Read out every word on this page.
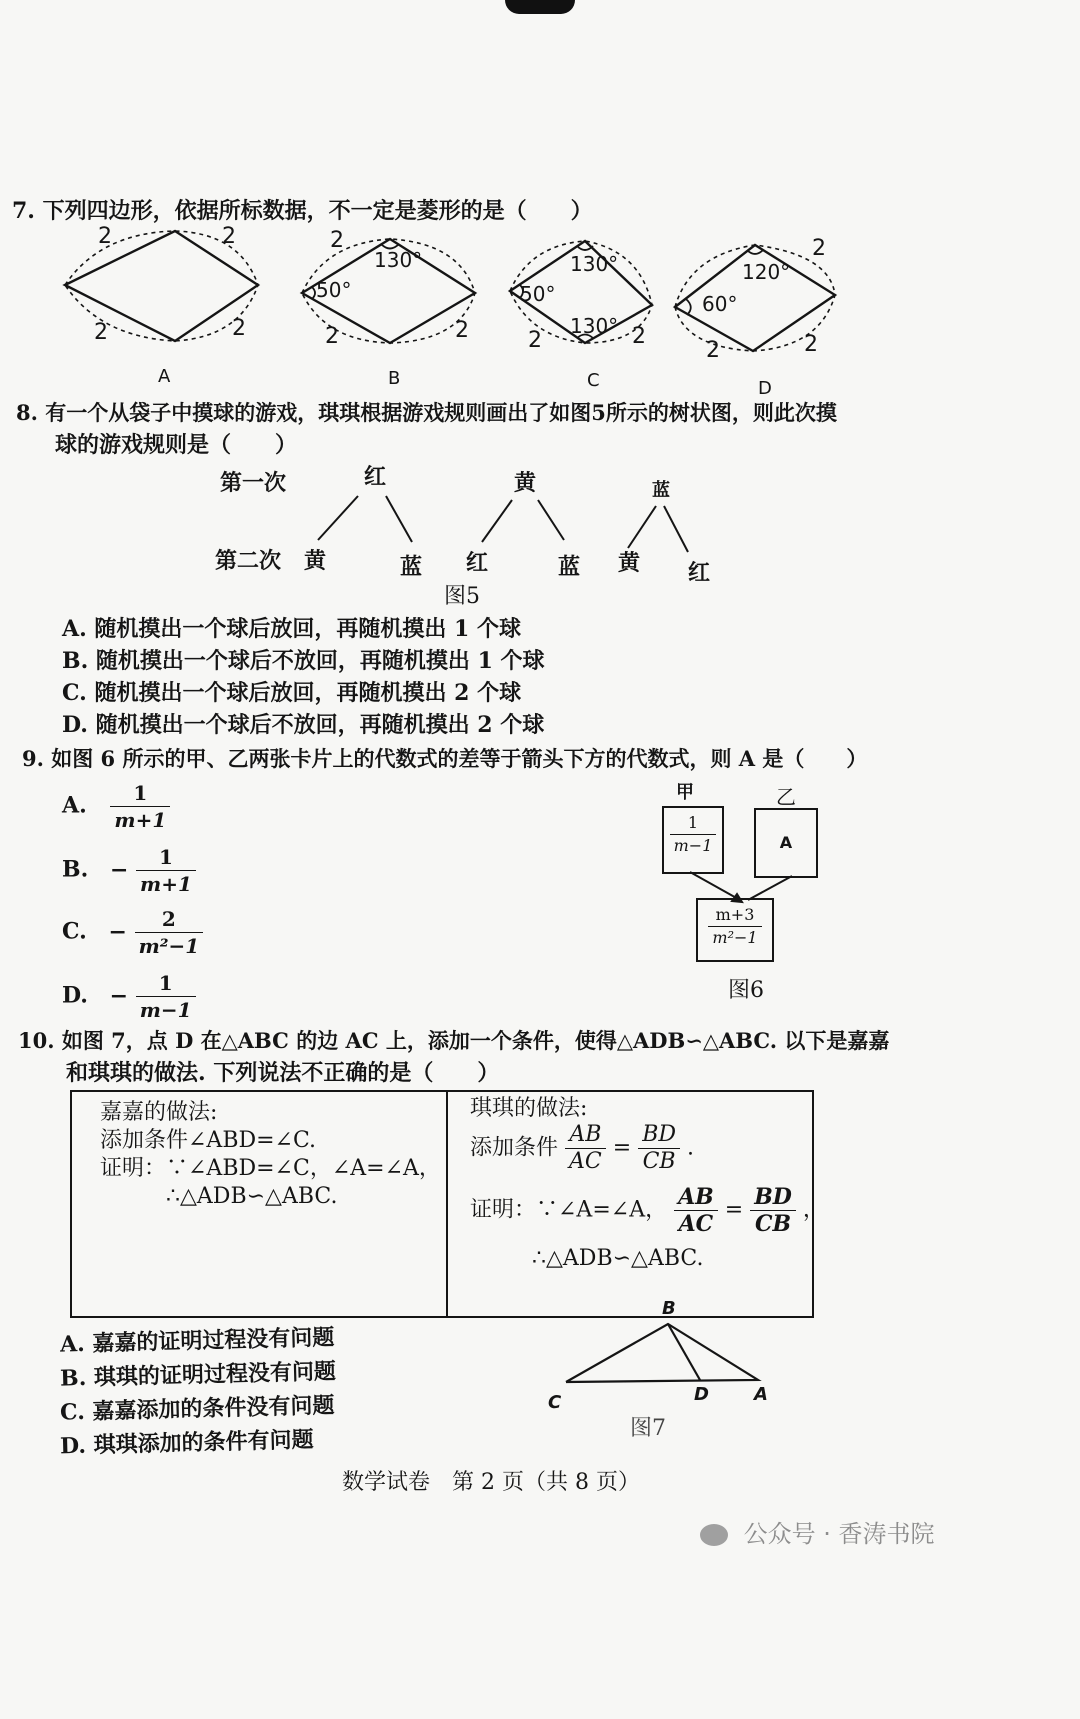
7. 下列四边形，依据所标数据，不一定是菱形的是（　　）
2	2
2	2
A
2
2	2
130°
50°
B
130°
50°
130°
2	2
C
2
2	2
120°
60°
D
8. 有一个从袋子中摸球的游戏，琪琪根据游戏规则画出了如图5所示的树状图，则此次摸
球的游戏规则是（　　）
第一次
第二次
红	黄	蓝
黄	蓝 红	蓝 黄 红
图5
A. 随机摸出一个球后放回，再随机摸出 1 个球
B. 随机摸出一个球后不放回，再随机摸出 1 个球
C. 随机摸出一个球后放回，再随机摸出 2 个球
D. 随机摸出一个球后不放回，再随机摸出 2 个球
9. 如图 6 所示的甲、乙两张卡片上的代数式的差等于箭头下方的代数式，则 A 是（　　）
A. $\frac{1}{m+1}$
B. − $\frac{1}{m+1}$
C. − $\frac{2}{\text{m²−1}}$
D. − $\frac{1}{m-1}$
甲
$\frac{1}{m-1}$
乙
A
$\frac{m+3}{\text{m²−1}}$
图6
10. 如图 7，点 D 在△ABC 的边 AC 上，添加一个条件，使得△ADB∽△ABC. 以下是嘉嘉
和琪琪的做法. 下列说法不正确的是（　　）
嘉嘉的做法:
添加条件∠ABD=∠C.
证明：∵∠ABD=∠C，∠A=∠A，
∴△ADB∽△ABC.
琪琪的做法:
添加条件 $\frac{AB}{AC} = \frac{BD}{CB}$ .
证明：∵∠A=∠A， $\frac{AB}{AC} = \frac{BD}{CB}$ ，
∴△ADB∽△ABC.
A. 嘉嘉的证明过程没有问题
B. 琪琪的证明过程没有问题
C. 嘉嘉添加的条件没有问题
D. 琪琪添加的条件有问题
B
C	D	A
图7
数学试卷　第 2 页（共 8 页）
公众号 · 香涛书院
